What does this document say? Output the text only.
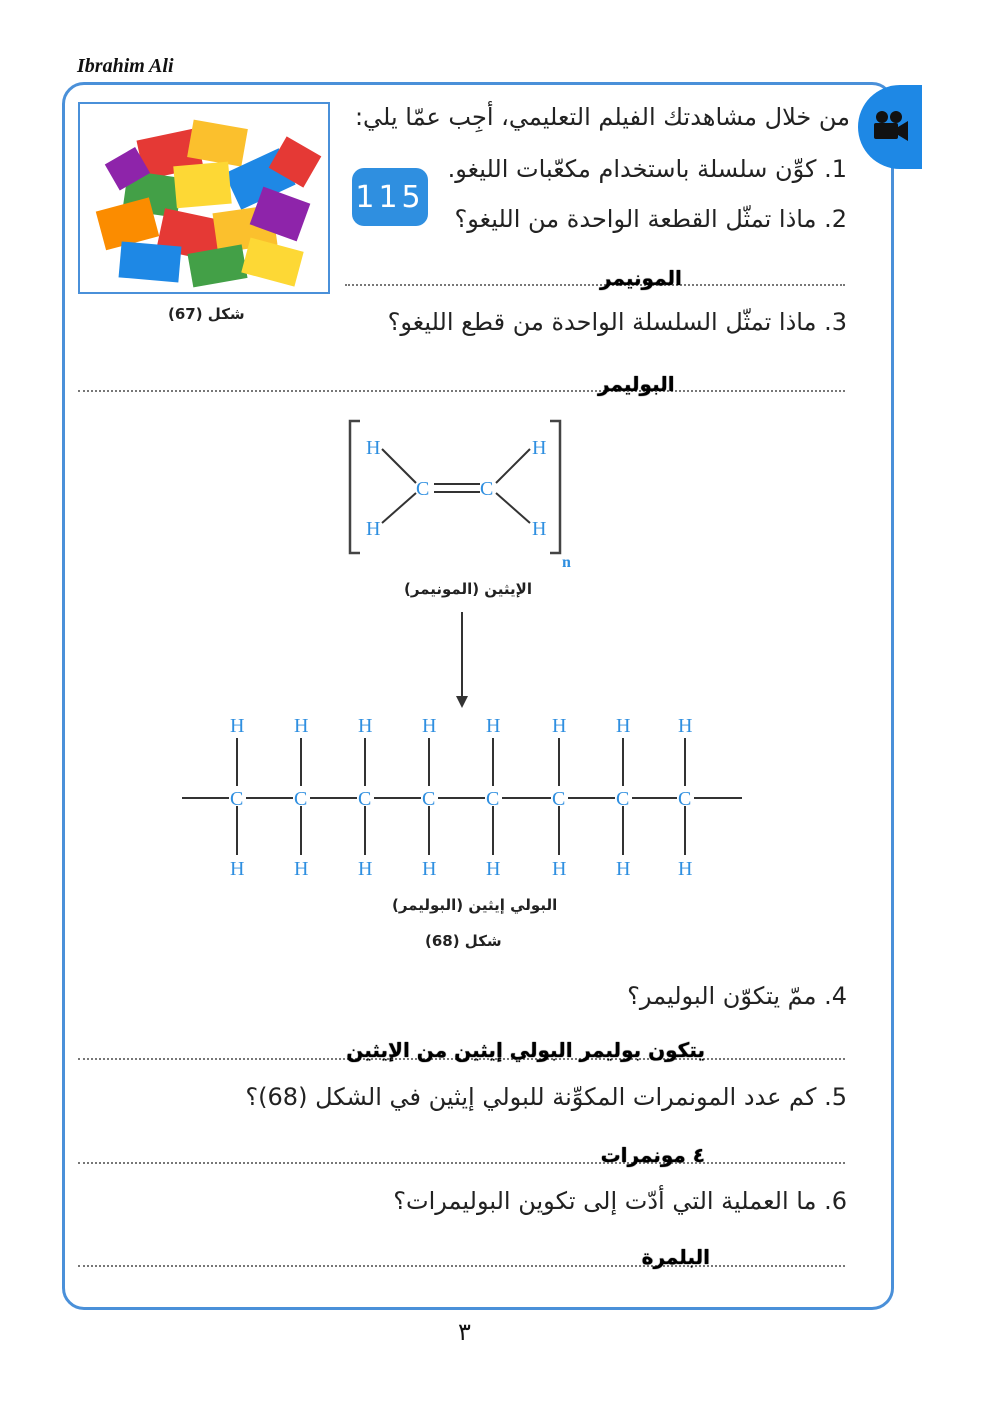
Ibrahim Ali
شكل (67)
من خلال مشاهدتك الفيلم التعليمي، أجِب عمّا يلي:
115
1. كوِّن سلسلة باستخدام مكعّبات الليغو.
2. ماذا تمثّل القطعة الواحدة من الليغو؟
المونيمر
3. ماذا تمثّل السلسلة الواحدة من قطع الليغو؟
البوليمر
H
H
H
H
C	C
n
الإيثين (المونيمر)
H
C
H
H
C
H
H
C
H
H
C
H
H
C
H
H
C
H
H
C
H
H
C
H
البولي إيثين (البوليمر)
شكل (68)
4. ممّ يتكوّن البوليمر؟
يتكون بوليمر البولي إيثين من الإيثين
5. كم عدد المونمرات المكوِّنة للبولي إيثين في الشكل (68)؟
٤ مونمرات
6. ما العملية التي أدّت إلى تكوين البوليمرات؟
البلمرة
٣
